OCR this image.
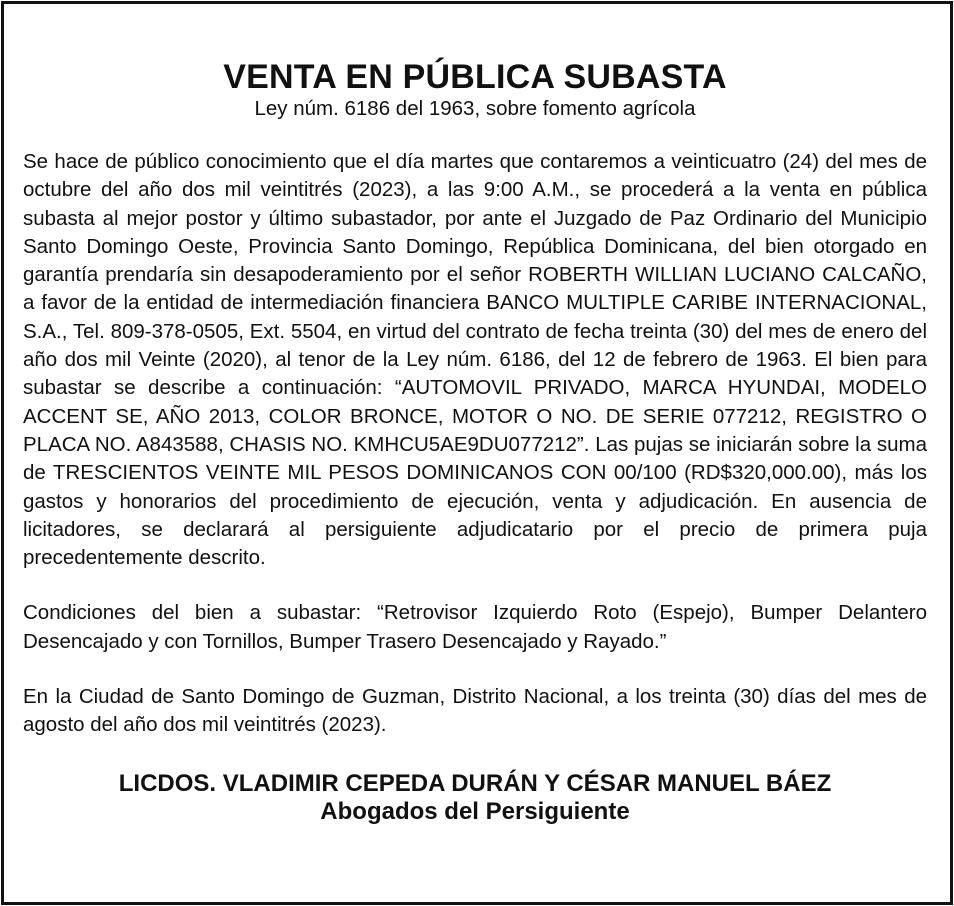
VENTA EN PÚBLICA SUBASTA

Ley núm. 6186 del 1963, sobre fomento agrícola

Se hace de público conocimiento que el día martes que contaremos a veinticuatro (24) del mes de octubre del año dos mil veintitrés (2023), a las 9:00 A.M., se procederá a la venta en pública subasta al mejor postor y último subastador, por ante el Juzgado de Paz Ordinario del Municipio Santo Domingo Oeste, Provincia Santo Domingo, República Dominicana, del bien otorgado en garantía prendaría sin desapoderamiento por el señor ROBERTH WILLIAN LUCIANO CALCAÑO, a favor de la entidad de intermediación financiera BANCO MULTIPLE CARIBE INTERNACIONAL, S.A., Tel. 809-378-0505, Ext. 5504, en virtud del contrato de fecha treinta (30) del mes de enero del año dos mil Veinte (2020), al tenor de la Ley núm. 6186, del 12 de febrero de 1963. El bien para subastar se describe a continuación: “AUTOMOVIL PRIVADO, MARCA HYUNDAI, MODELO ACCENT SE, AÑO 2013, COLOR BRONCE, MOTOR O NO. DE SERIE 077212, REGISTRO O PLACA NO. A843588, CHASIS NO. KMHCU5AE9DU077212”. Las pujas se iniciarán sobre la suma de TRESCIENTOS VEINTE MIL PESOS DOMINICANOS CON 00/100 (RD$320,000.00), más los gastos y honorarios del procedimiento de ejecución, venta y adjudicación. En ausencia de licitadores, se declarará al persiguiente adjudicatario por el precio de primera puja precedentemente descrito.

Condiciones del bien a subastar: “Retrovisor Izquierdo Roto (Espejo), Bumper Delantero Desencajado y con Tornillos, Bumper Trasero Desencajado y Rayado.”

En la Ciudad de Santo Domingo de Guzman, Distrito Nacional, a los treinta (30) días del mes de agosto del año dos mil veintitrés (2023).

LICDOS. VLADIMIR CEPEDA DURÁN Y CÉSAR MANUEL BÁEZ

Abogados del Persiguiente
